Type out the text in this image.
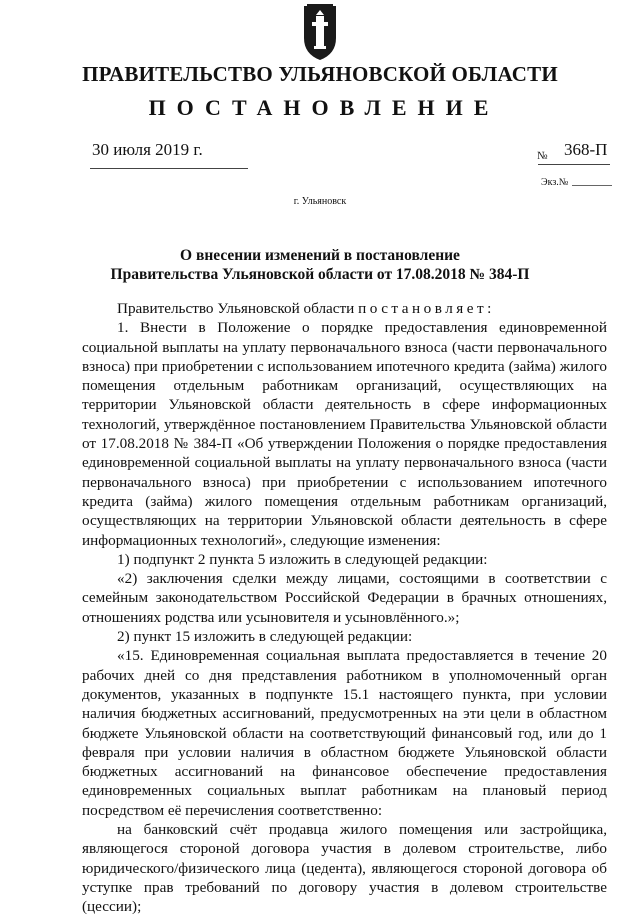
ПРАВИТЕЛЬСТВО УЛЬЯНОВСКОЙ ОБЛАСТИ
ПОСТАНОВЛЕНИЕ
30 июля 2019 г.	№ 368-П
Экз.№
г. Ульяновск
О внесении изменений в постановление
Правительства Ульяновской области от 17.08.2018 № 384-П

Правительство Ульяновской области постановляет:

1. Внести в Положение о порядке предоставления единовременной социальной выплаты на уплату первоначального взноса (части первоначального взноса) при приобретении с использованием ипотечного кредита (займа) жилого помещения отдельным работникам организаций, осуществляющих на территории Ульяновской области деятельность в сфере информационных технологий, утверждённое постановлением Правительства Ульяновской области от 17.08.2018 № 384-П «Об утверждении Положения о порядке предоставления единовременной социальной выплаты на уплату первоначального взноса (части первоначального взноса) при приобретении с использованием ипотечного кредита (займа) жилого помещения отдельным работникам организаций, осуществляющих на территории Ульяновской области деятельность в сфере информационных технологий», следующие изменения:

1) подпункт 2 пункта 5 изложить в следующей редакции:

«2) заключения сделки между лицами, состоящими в соответствии с семейным законодательством Российской Федерации в брачных отношениях, отношениях родства или усыновителя и усыновлённого.»;

2) пункт 15 изложить в следующей редакции:

«15. Единовременная социальная выплата предоставляется в течение 20 рабочих дней со дня представления работником в уполномоченный орган документов, указанных в подпункте 15.1 настоящего пункта, при условии наличия бюджетных ассигнований, предусмотренных на эти цели в областном бюджете Ульяновской области на соответствующий финансовый год, или до 1 февраля при условии наличия в областном бюджете Ульяновской области бюджетных ассигнований на финансовое обеспечение предоставления единовременных социальных выплат работникам на плановый период посредством её перечисления соответственно:

на банковский счёт продавца жилого помещения или застройщика, являющегося стороной договора участия в долевом строительстве, либо юридического/физического лица (цедента), являющегося стороной договора об уступке прав требований по договору участия в долевом строительстве (цессии);
